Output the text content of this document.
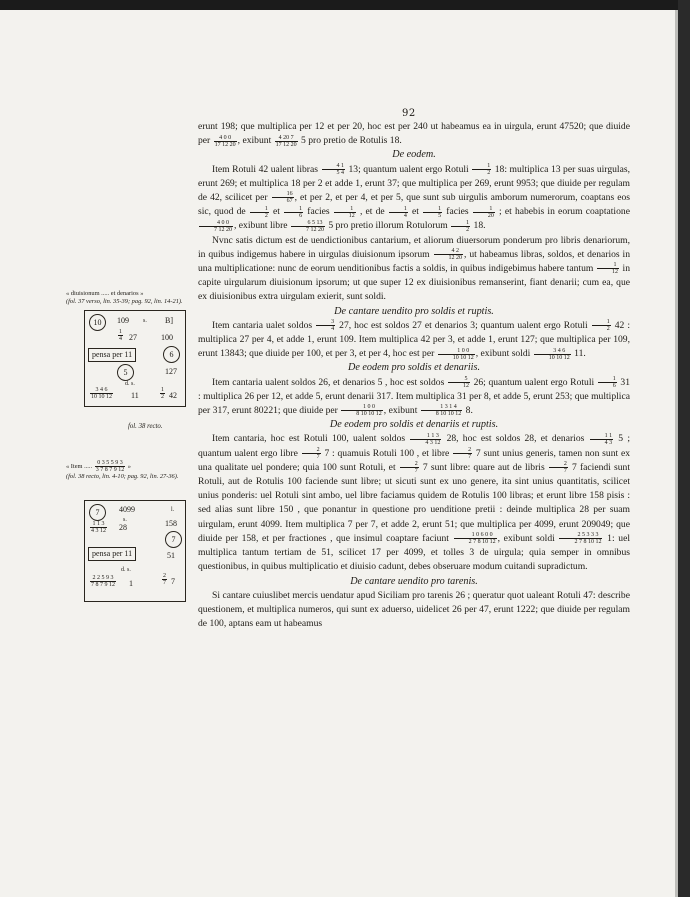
92

erunt 198; que multiplica per 12 et per 20, hoc est per 240 ut habeamus ea in uirgula, erunt 47520; que diuide per $\frac{4 0 0}{17 12 20}$ , exibunt $\frac{4 20 7}{17 12 20} 5$ pro pretio de Rotulis 18.

De eodem.

Item Rotuli 42 ualent libras $\frac{4 1}{5 4} 13$; quantum ualent ergo Rotuli $\frac{1}{2} 18$: multiplica 13 per suas uirgulas, erunt 269; et multiplica 18 per 2 et adde 1, erunt 37; que multiplica per 269, erunt 9953; que diuide per regulam de 42, scilicet per $\frac{16}{67}$ , et per 2, et per 4, et per 5, que sunt sub uirgulis amborum numerorum, coaptans eos sic, quod de $\frac{1}{2}$ et $\frac{1}{6}$ facies $\frac{1}{12}$ , et de $\frac{1}{4}$ et $\frac{1}{5}$ facies $\frac{1}{20}$ ; et habebis in eorum coaptatione
$\frac{4 0 0}{7 12 20}$ , exibunt libre $\frac{6 5 13}{7 12 20} 5$ pro pretio illorum Rotulorum $\frac{1}{2} 18$.

Nvnc satis dictum est de uendictionibus cantarium, et aliorum diuersorum ponderum pro libris denariorum, in quibus indigemus habere in uirgulas diuisionum ipsorum $\frac{4 2}{12 20}$ , ut habeamus libras, soldos, et denarios in una multiplicatione: nunc de eorum uenditionibus factis a soldis, in quibus indigebimus habere tantum $\frac{1}{12}$ in capite uirgularum diuisionum ipsorum; ut que super 12 ex diuisionibus remanserint, fiant denarii; cum ea, que ex diuisionibus extra uirgulam exierit, sunt soldi.

De cantare uendito pro soldis et ruptis.

Item cantaria ualet soldos $\frac{3}{4} 27$, hoc est soldos 27 et denarios 3; quantum ualent ergo Rotuli $\frac{1}{2} 42$ : multiplica 27 per 4, et adde 1, erunt 109. Item multiplica 42 per 3, et adde 1, erunt 127; que multiplica per 109, erunt 13843; que diuide per 100, et per 3, et per 4, hoc est per $\frac{1 0 0}{10 10 12}$ , exibunt soldi $\frac{3 4 6}{10 10 12} 11$.

De eodem pro soldis et denariis.

Item cantaria ualent soldos 26, et denarios 5 , hoc est soldos $\frac{5}{12} 26$; quantum ualent ergo Rotuli $\frac{1}{6} 31$ : multiplica 26 per 12, et adde 5, erunt denarii 317. Item multiplica 31 per 8, et adde 5, erunt 253; que multiplica per 317, erunt 80221; que diuide per $\frac{1 0 0}{8 10 10 12}$ , exibunt $\frac{1 3 1 4}{8 10 10 12} 8$.

De eodem pro soldis et denariis et ruptis.

Item cantaria, hoc est Rotuli 100, ualent soldos $\frac{1 1 3}{4 3 12} 28$, hoc est soldos 28, et denarios $\frac{1 1}{4 3} 5$ ; quantum ualent ergo libre $\frac{2}{7} 7$ : quamuis Rotuli 100 , et libre $\frac{2}{7} 7$ sunt unius generis, tamen non sunt ex una qualitate uel pondere; quia 100 sunt Rotuli, et $\frac{2}{7} 7$ sunt libre: quare aut de libris $\frac{2}{7} 7$ faciendi sunt Rotuli, aut de Rotulis 100 faciende sunt libre; ut sicuti sunt ex uno genere, ita sint unius quantitatis, scilicet unius ponderis: uel Rotuli sint ambo, uel libre faciamus quidem de Rotulis 100 libras; et erunt libre 158 pisis : sed alias sunt libre 150 , que ponantur in questione pro uenditione pretii : deinde multiplica 28 per suam uirgulam, erunt 4099. Item multiplica 7 per 7, et adde 2, erunt 51; que multiplica per 4099, erunt 209049; que diuide per 158, et per fractiones , que insimul coaptare faciunt $\frac{1 0 6 0 0}{2 7 8 10 12}$ , exibunt soldi $\frac{2 5 3 3 3}{2 7 8 10 12} 1$: uel multiplica tantum tertiam de 51, scilicet 17 per 4099, et tolles 3 de uirgula; quia semper in omnibus questionibus, in quibus multiplicatio et diuisio cadunt, debes obseruare modum cuitandi supradictum.

De cantare uendito pro tarenis.

Si cantare cuiuslibet mercis uendatur apud Siciliam pro tarenis 26 ; queratur quot ualeant Rotuli 47: describe questionem, et multiplica numeros, qui sunt ex aduerso, uidelicet 26 per 47, erunt 1222; que diuide per regulam de 100, aptans eam ut habeamus

« diuisionum ..... et denarios »
(fol. 37 verso, lin. 35-39; pag. 92, lin. 14-21).
10	109 s. B]
$\frac{1}{4} 27$	100
pensa per 11	6
5	127
d. s.
$\frac{3 4 6}{10 10 12} 11$	$\frac{1}{2} 42$
fol. 38 recto.
« Item ..... $\frac{0 3 5 5 9 3}{3 7 8 7 9 12}$ »
(fol. 38 recto, lin. 4-10; pag. 92, lin. 27-36).
7	4099	l.
s.
$\frac{1 1 3}{4 3 12} 28$	158
7
pensa per 11	51
d. s.
$\frac{2 2 5 9 3}{7 8 7 9 12} 1$	$\frac{2}{7} 7$
